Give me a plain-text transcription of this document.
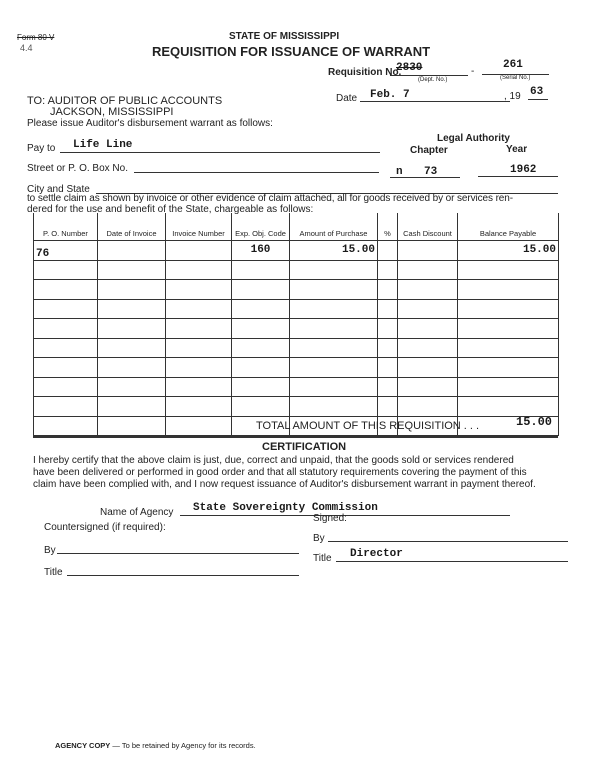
Form 80 V
4.4
STATE OF MISSISSIPPI
REQUISITION FOR ISSUANCE OF WARRANT
Requisition No.
2830	-
261
(Dept. No.)	(Serial No.)
TO: AUDITOR OF PUBLIC ACCOUNTS
JACKSON, MISSISSIPPI
Date Feb. 7	, 19 63
Please issue Auditor's disbursement warrant as follows:
Legal Authority
Chapter	Year
Pay to Life Line
Street or P. O. Box No.	n 73	1962
City and State
to settle claim as shown by invoice or other evidence of claim attached, all for goods received by or services ren-
dered for the use and benefit of the State, chargeable as follows:
P. O. Number	Date of Invoice	Invoice Number	Exp. Obj. Code	Amount of Purchase	%	Cash Discount	Balance Payable
76			160	15.00			15.00

TOTAL AMOUNT OF THIS REQUISITION . . .	15.00
CERTIFICATION
I hereby certify that the above claim is just, due, correct and unpaid, that the goods sold or services rendered
have been delivered or performed in good order and that all statutory requirements covering the payment of this
claim have been complied with, and I now request issuance of Auditor's disbursement warrant in payment thereof.
Name of Agency State Sovereignty Commission
Countersigned (if required):
Signed:
By
By
Title
Title Director
AGENCY COPY — To be retained by Agency for its records.
